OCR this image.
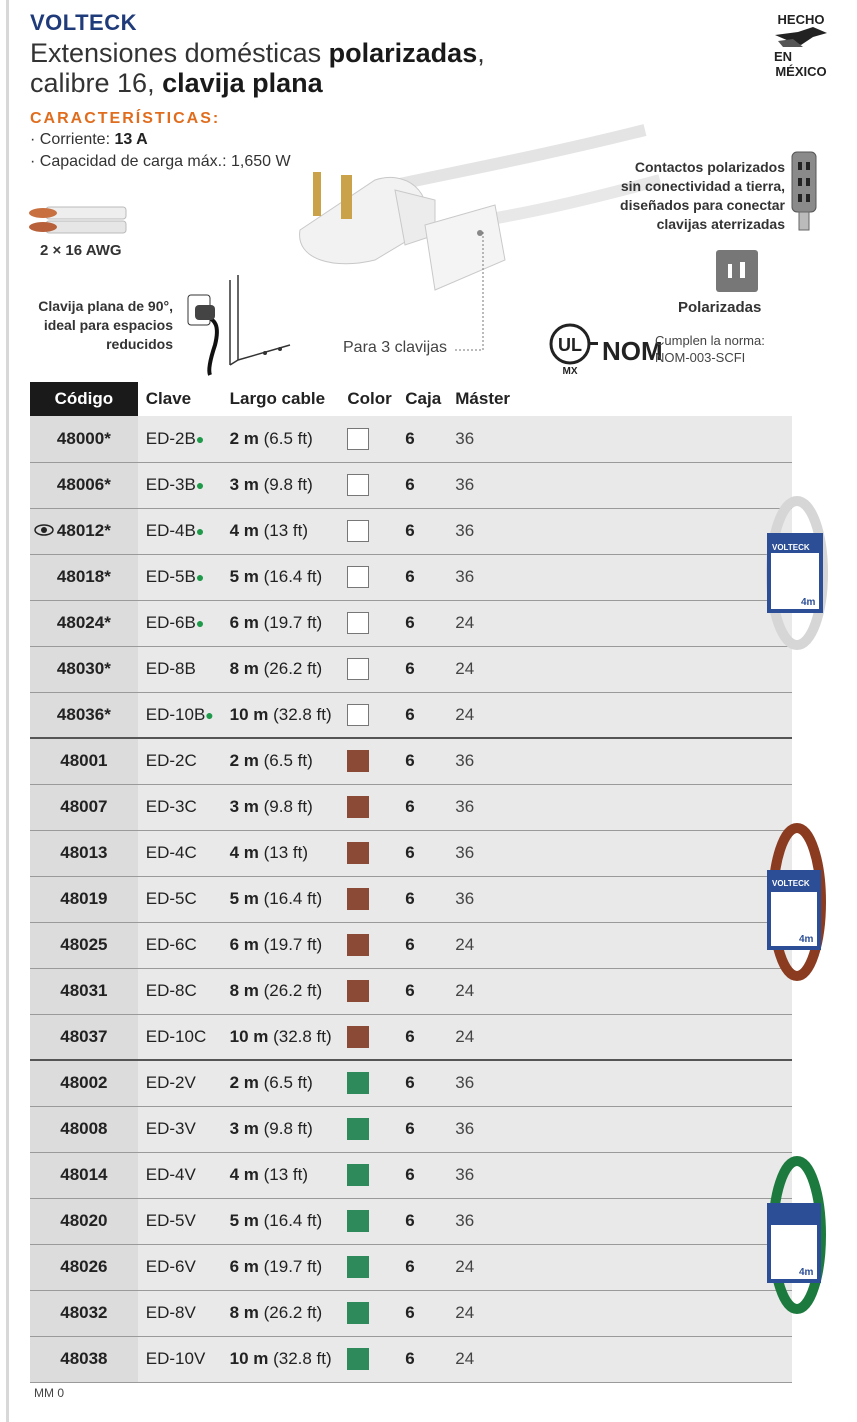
VOLTECK
Extensiones domésticas polarizadas,
calibre 16, clavija plana
CARACTERÍSTICAS:
· Corriente: 13 A
· Capacidad de carga máx.: 1,650 W
2 × 16 AWG
Clavija plana de 90°,
ideal para espacios
reducidos	Para 3 clavijas
HECHO
EN
MÉXICO
Contactos polarizados
sin conectividad a tierra,
diseñados para conectar
clavijas aterrizadas
Polarizadas
UL
MX
NOM
Cumplen la norma:
NOM-003-SCFI
Código	Clave	Largo cable	Color	Caja	Máster	
48000*	ED-2B●	2 m (6.5 ft)		6	36	
48006*	ED-3B●	3 m (9.8 ft)		6	36	

48012*	ED-4B●	4 m (13 ft)		6	36	
48018*	ED-5B●	5 m (16.4 ft)		6	36	
48024*	ED-6B●	6 m (19.7 ft)		6	24	
48030*	ED-8B	8 m (26.2 ft)		6	24	
48036*	ED-10B●	10 m (32.8 ft)		6	24	
48001	ED-2C	2 m (6.5 ft)		6	36	
48007	ED-3C	3 m (9.8 ft)		6	36	
48013	ED-4C	4 m (13 ft)		6	36	
48019	ED-5C	5 m (16.4 ft)		6	36	
48025	ED-6C	6 m (19.7 ft)		6	24	
48031	ED-8C	8 m (26.2 ft)		6	24	
48037	ED-10C	10 m (32.8 ft)		6	24	
48002	ED-2V	2 m (6.5 ft)		6	36	
48008	ED-3V	3 m (9.8 ft)		6	36	
48014	ED-4V	4 m (13 ft)		6	36	
48020	ED-5V	5 m (16.4 ft)		6	36	
48026	ED-6V	6 m (19.7 ft)		6	24	
48032	ED-8V	8 m (26.2 ft)		6	24	
48038	ED-10V	10 m (32.8 ft)		6	24	
VOLTECK
4m
VOLTECK
4m
4m
MM 0
